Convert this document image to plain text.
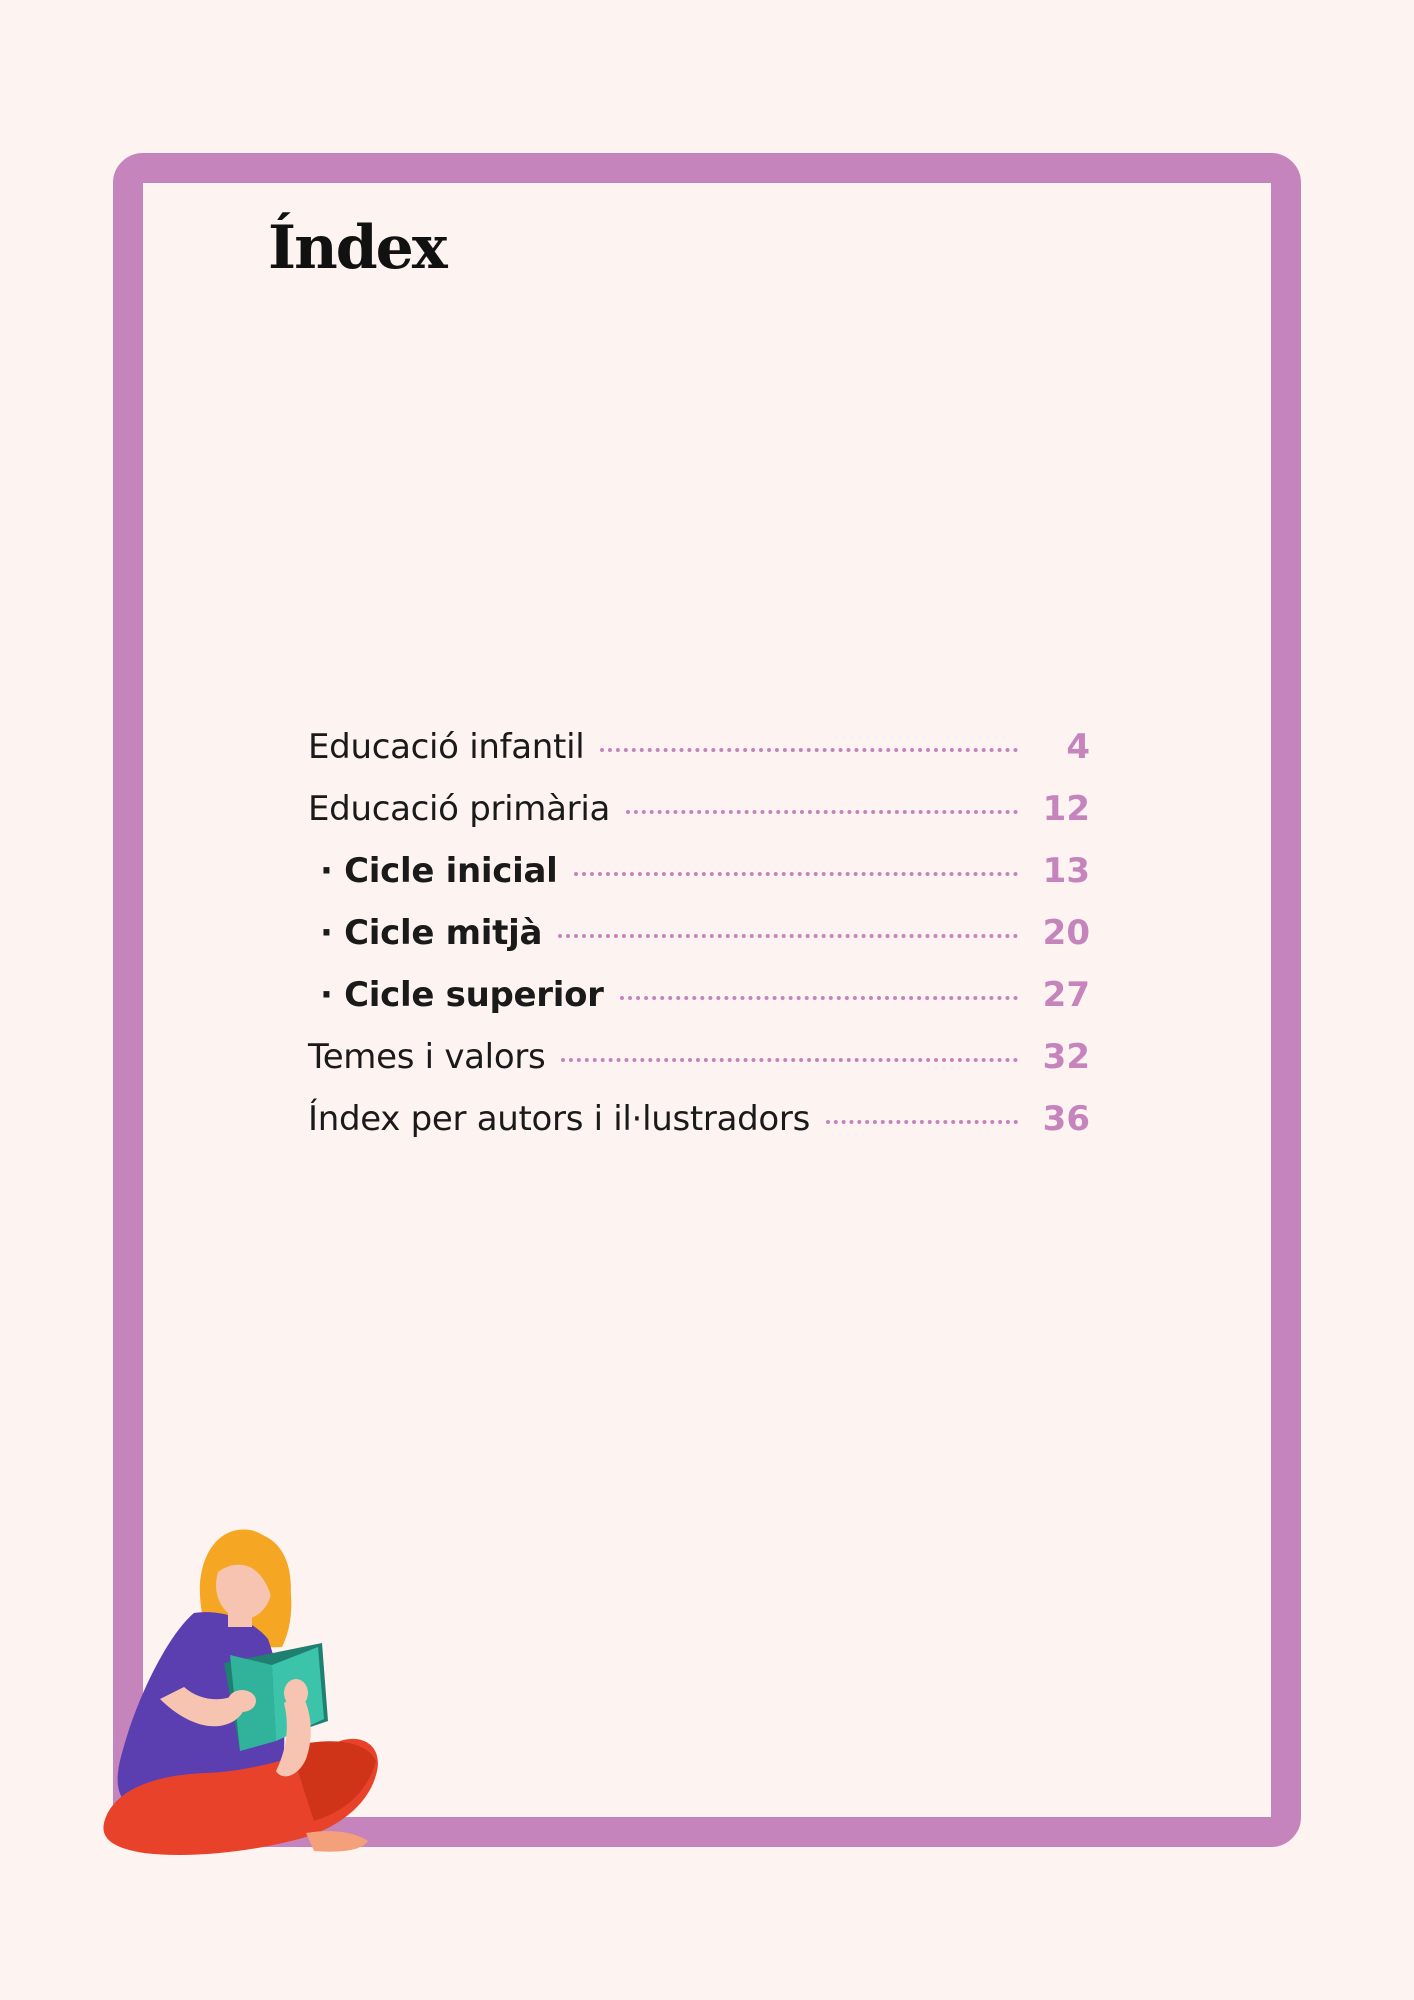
Índex
Educació infantil	4
Educació primària	12
· Cicle inicial	13
· Cicle mitjà	20
· Cicle superior	27
Temes i valors	32
Índex per autors i il·lustradors	36
